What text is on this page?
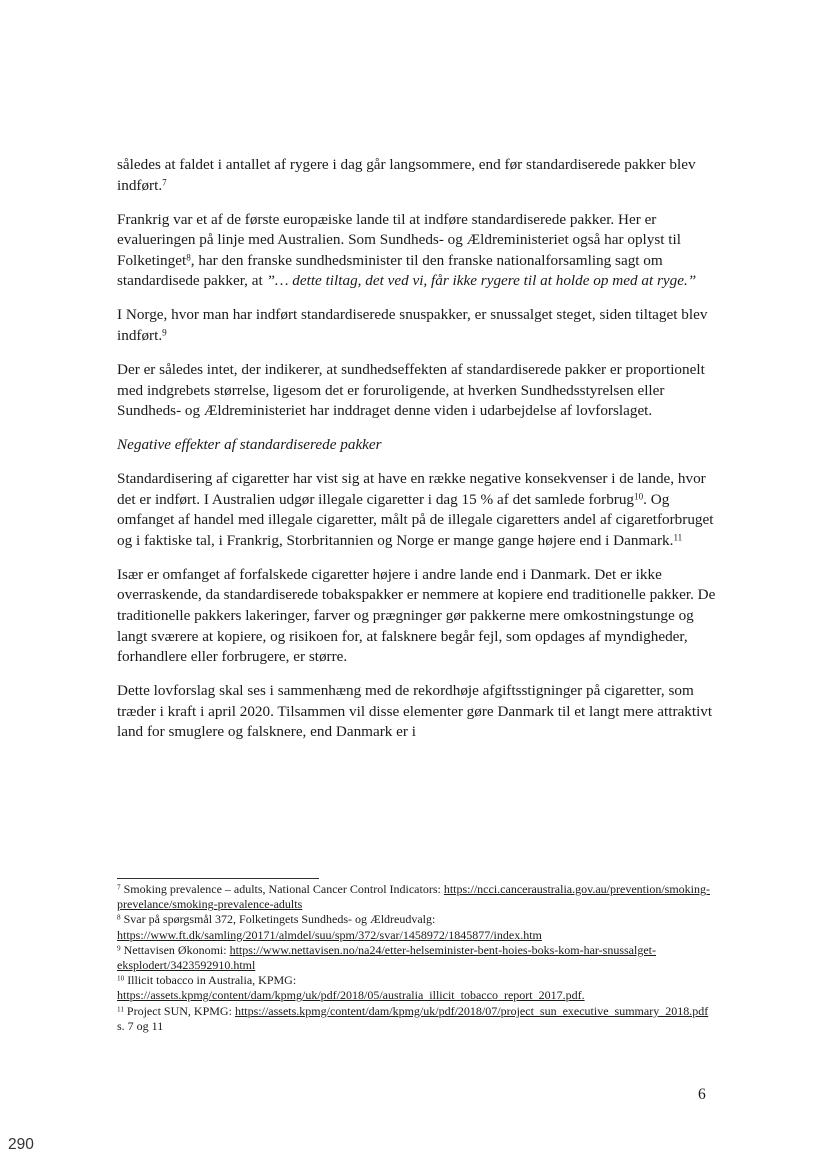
således at faldet i antallet af rygere i dag går langsommere, end før standardiserede pakker blev indført.$^7$

Frankrig var et af de første europæiske lande til at indføre standardiserede pakker. Her er evalueringen på linje med Australien. Som Sundheds- og Ældreministeriet også har oplyst til Folketinget$^8$, har den franske sundhedsminister til den franske nationalforsamling sagt om standardisede pakker, at ”… dette tiltag, det ved vi, får ikke rygere til at holde op med at ryge.”

I Norge, hvor man har indført standardiserede snuspakker, er snussalget steget, siden tiltaget blev indført.$^9$

Der er således intet, der indikerer, at sundhedseffekten af standardiserede pakker er proportionelt med indgrebets størrelse, ligesom det er foruroligende, at hverken Sundhedsstyrelsen eller Sundheds- og Ældreministeriet har inddraget denne viden i udarbejdelse af lovforslaget.

Negative effekter af standardiserede pakker

Standardisering af cigaretter har vist sig at have en række negative konsekvenser i de lande, hvor det er indført. I Australien udgør illegale cigaretter i dag 15 % af det samlede forbrug$^{10}$. Og omfanget af handel med illegale cigaretter, målt på de illegale cigaretters andel af cigaretforbruget og i faktiske tal, i Frankrig, Storbritannien og Norge er mange gange højere end i Danmark.$^{11}$

Især er omfanget af forfalskede cigaretter højere i andre lande end i Danmark. Det er ikke overraskende, da standardiserede tobakspakker er nemmere at kopiere end traditionelle pakker. De traditionelle pakkers lakeringer, farver og prægninger gør pakkerne mere omkostningstunge og langt sværere at kopiere, og risikoen for, at falsknere begår fejl, som opdages af myndigheder, forhandlere eller forbrugere, er større.

Dette lovforslag skal ses i sammenhæng med de rekordhøje afgiftsstigninger på cigaretter, som træder i kraft i april 2020. Tilsammen vil disse elementer gøre Danmark til et langt mere attraktivt land for smuglere og falsknere, end Danmark er i

$^7$ Smoking prevalence – adults, National Cancer Control Indicators: https://ncci.canceraustralia.gov.au/prevention/smoking-prevelance/smoking-prevalence-adults
$^8$ Svar på spørgsmål 372, Folketingets Sundheds- og Ældreudvalg: https://www.ft.dk/samling/20171/almdel/suu/spm/372/svar/1458972/1845877/index.htm
$^9$ Nettavisen Økonomi: https://www.nettavisen.no/na24/etter-helseminister-bent-hoies-boks-kom-har-snussalget-eksplodert/3423592910.html
$^{10}$ Illicit tobacco in Australia, KPMG: https://assets.kpmg/content/dam/kpmg/uk/pdf/2018/05/australia_illicit_tobacco_report_2017.pdf.
$^{11}$ Project SUN, KPMG: https://assets.kpmg/content/dam/kpmg/uk/pdf/2018/07/project_sun_executive_summary_2018.pdf s. 7 og 11
6
290
